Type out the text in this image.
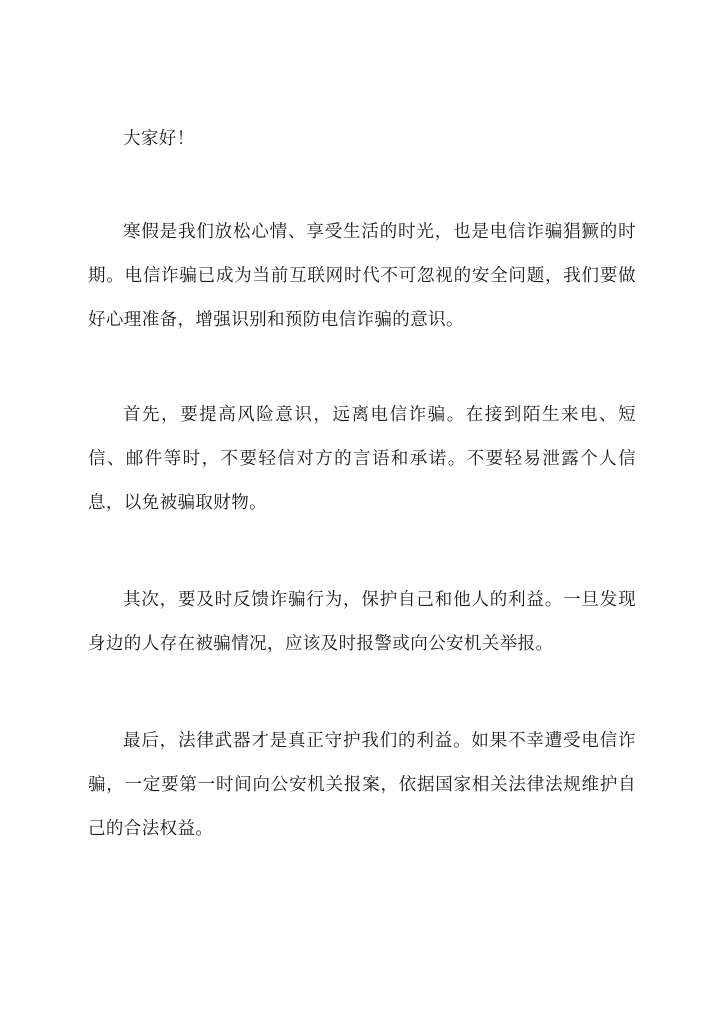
大家好！

寒假是我们放松心情、享受生活的时光，也是电信诈骗猖獗的时期。电信诈骗已成为当前互联网时代不可忽视的安全问题，我们要做好心理准备，增强识别和预防电信诈骗的意识。

首先，要提高风险意识，远离电信诈骗。在接到陌生来电、短信、邮件等时，不要轻信对方的言语和承诺。不要轻易泄露个人信息，以免被骗取财物。

其次，要及时反馈诈骗行为，保护自己和他人的利益。一旦发现身边的人存在被骗情况，应该及时报警或向公安机关举报。

最后，法律武器才是真正守护我们的利益。如果不幸遭受电信诈骗，一定要第一时间向公安机关报案，依据国家相关法律法规维护自己的合法权益。
